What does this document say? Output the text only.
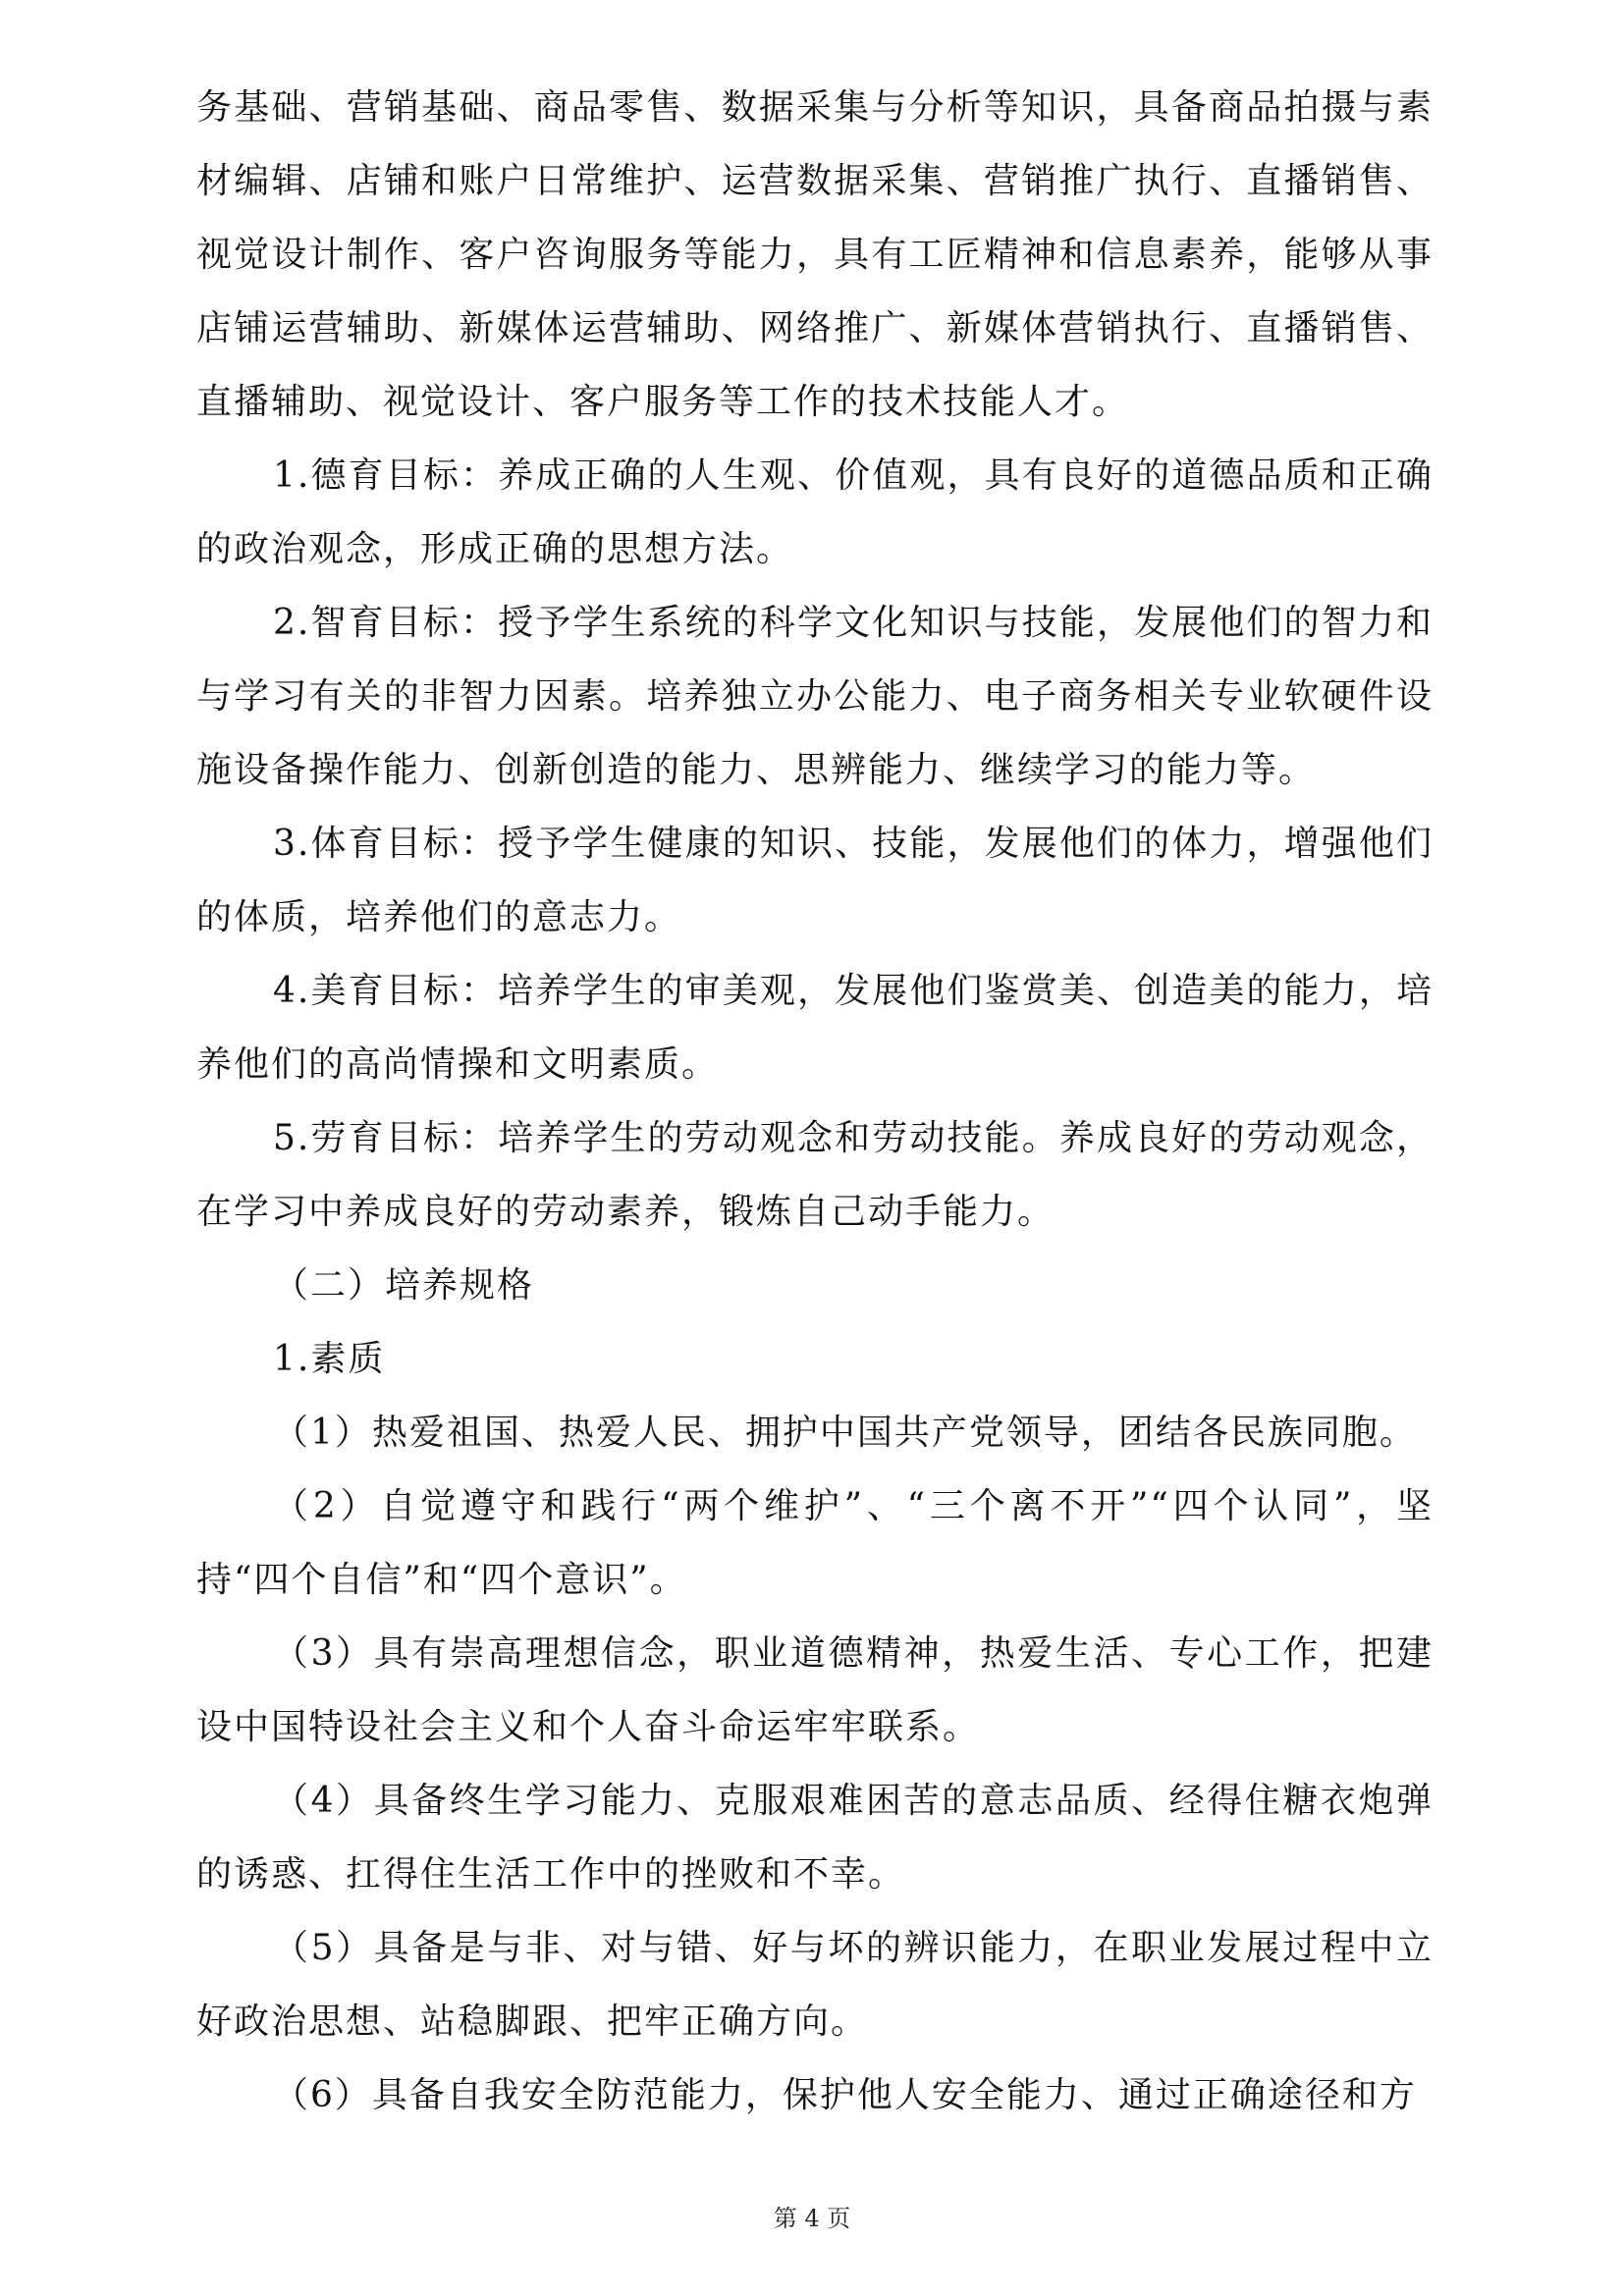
务基础、营销基础、商品零售、数据采集与分析等知识，具备商品拍摄与素材编辑、店铺和账户日常维护、运营数据采集、营销推广执行、直播销售、视觉设计制作、客户咨询服务等能力，具有工匠精神和信息素养，能够从事店铺运营辅助、新媒体运营辅助、网络推广、新媒体营销执行、直播销售、直播辅助、视觉设计、客户服务等工作的技术技能人才。

1.德育目标：养成正确的人生观、价值观，具有良好的道德品质和正确的政治观念，形成正确的思想方法。

2.智育目标：授予学生系统的科学文化知识与技能，发展他们的智力和与学习有关的非智力因素。培养独立办公能力、电子商务相关专业软硬件设施设备操作能力、创新创造的能力、思辨能力、继续学习的能力等。

3.体育目标：授予学生健康的知识、技能，发展他们的体力，增强他们的体质，培养他们的意志力。

4.美育目标：培养学生的审美观，发展他们鉴赏美、创造美的能力，培养他们的高尚情操和文明素质。

5.劳育目标：培养学生的劳动观念和劳动技能。养成良好的劳动观念，在学习中养成良好的劳动素养，锻炼自己动手能力。

（二）培养规格

1.素质

（1）热爱祖国、热爱人民、拥护中国共产党领导，团结各民族同胞。

（2）自觉遵守和践行“两个维护”、“三个离不开”“四个认同”，坚持“四个自信”和“四个意识”。

（3）具有崇高理想信念，职业道德精神，热爱生活、专心工作，把建设中国特设社会主义和个人奋斗命运牢牢联系。

（4）具备终生学习能力、克服艰难困苦的意志品质、经得住糖衣炮弹的诱惑、扛得住生活工作中的挫败和不幸。

（5）具备是与非、对与错、好与坏的辨识能力，在职业发展过程中立好政治思想、站稳脚跟、把牢正确方向。

（6）具备自我安全防范能力，保护他人安全能力、通过正确途径和方

第 4 页
